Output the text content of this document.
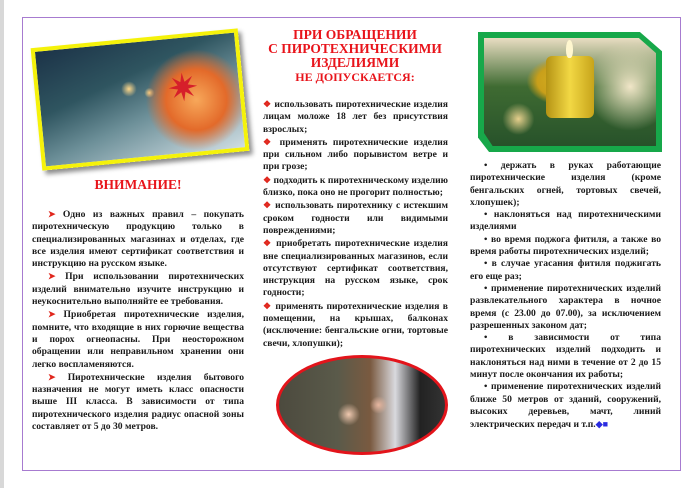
✷
ВНИМАНИЕ!

➤ Одно из важных правил – покупать пиротехническую продукцию только в специализированных магазинах и отделах, где все изделия имеют сертификат соответствия и инструкцию на русском языке.

➤ При использовании пиротехнических изделий внимательно изучите инструкцию и неукоснительно выполняйте ее требования.

➤ Приобретая пиротехнические изделия, помните, что входящие в них горючие вещества и порох огнеопасны. При неосторожном обращении или неправильном хранении они легко воспламеняются.

➤ Пиротехнические изделия бытового назначения не могут иметь класс опасности выше III класса. В зависимости от типа пиротехнического изделия радиус опасной зоны составляет от 5 до 30 метров.

ПРИ ОБРАЩЕНИИ
С ПИРОТЕХНИЧЕСКИМИ
ИЗДЕЛИЯМИ
НЕ ДОПУСКАЕТСЯ:

❖ использовать пиротехнические изделия лицам моложе 18 лет без присутствия взрослых;

❖ применять пиротехнические изделия при сильном либо порывистом ветре и при грозе;

❖ подходить к пиротехническому изделию близко, пока оно не прогорит полностью;

❖ использовать пиротехнику с истекшим сроком годности или видимыми повреждениями;

❖ приобретать пиротехнические изделия вне специализированных магазинов, если отсутствуют сертификат соответствия, инструкция на русском языке, срок годности;

❖ применять пиротехнические изделия в помещении, на крышах, балконах (исключение: бенгальские огни, тортовые свечи, хлопушки);

• держать в руках работающие пиротехнические изделия (кроме бенгальских огней, тортовых свечей, хлопушек);

• наклоняться над пиротехническими изделиями

• во время поджога фитиля, а также во время работы пиротехнических изделий;

• в случае угасания фитиля поджигать его еще раз;

• применение пиротехнических изделий развлекательного характера в ночное время (с 23.00 до 07.00), за исключением разрешенных законом дат;

• в зависимости от типа пиротехнических изделий подходить и наклоняться над ними в течение от 2 до 15 минут после окончания их работы;

• применение пиротехнических изделий ближе 50 метров от зданий, сооружений, высоких деревьев, мачт, линий электрических передач и т.п.◆■
